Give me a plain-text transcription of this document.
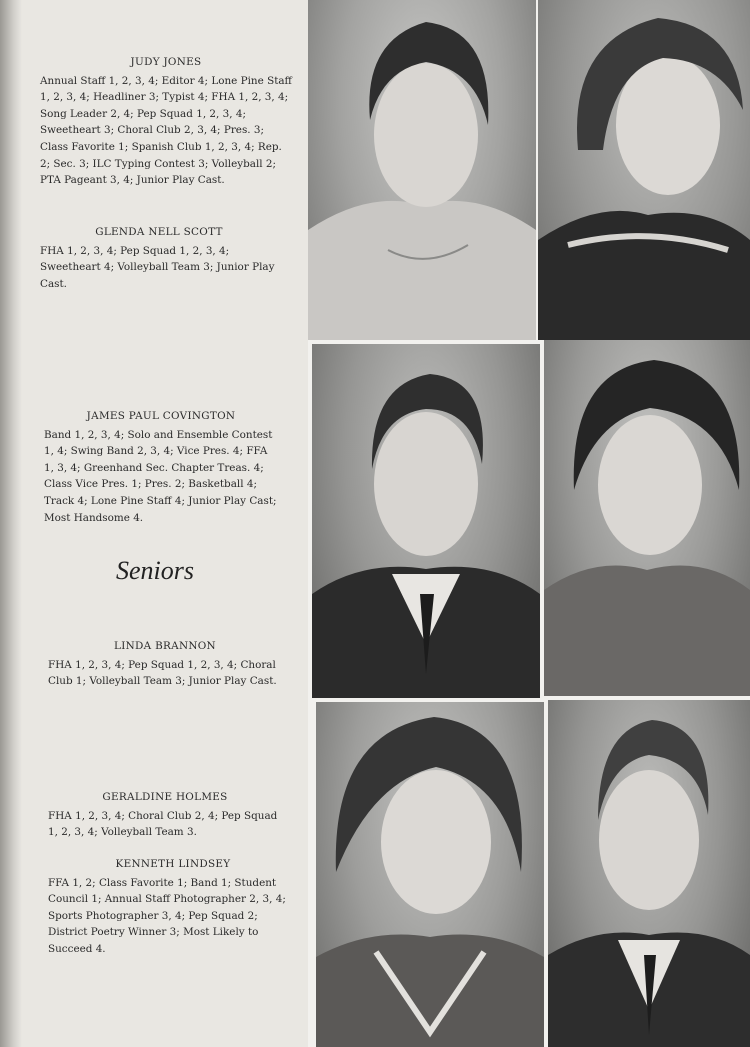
JUDY JONES
Annual Staff 1, 2, 3, 4; Editor 4; Lone Pine Staff 1, 2, 3, 4; Headliner 3; Typist 4; FHA 1, 2, 3, 4; Song Leader 2, 4; Pep Squad 1, 2, 3, 4; Sweetheart 3; Choral Club 2, 3, 4; Pres. 3; Class Favorite 1; Spanish Club 1, 2, 3, 4; Rep. 2; Sec. 3; ILC Typing Contest 3; Volleyball 2; PTA Pageant 3, 4; Junior Play Cast.
GLENDA NELL SCOTT
FHA 1, 2, 3, 4; Pep Squad 1, 2, 3, 4; Sweetheart 4; Volleyball Team 3; Junior Play Cast.
JAMES PAUL COVINGTON
Band 1, 2, 3, 4; Solo and Ensemble Contest 1, 4; Swing Band 2, 3, 4; Vice Pres. 4; FFA 1, 3, 4; Greenhand Sec. Chapter Treas. 4; Class Vice Pres. 1; Pres. 2; Basketball 4; Track 4; Lone Pine Staff 4; Junior Play Cast; Most Handsome 4.
Seniors
LINDA BRANNON
FHA 1, 2, 3, 4; Pep Squad 1, 2, 3, 4; Choral Club 1; Volleyball Team 3; Junior Play Cast.
GERALDINE HOLMES
FHA 1, 2, 3, 4; Choral Club 2, 4; Pep Squad 1, 2, 3, 4; Volleyball Team 3.
KENNETH LINDSEY
FFA 1, 2; Class Favorite 1; Band 1; Student Council 1; Annual Staff Photographer 2, 3, 4; Sports Photographer 3, 4; Pep Squad 2; District Poetry Winner 3; Most Likely to Succeed 4.
